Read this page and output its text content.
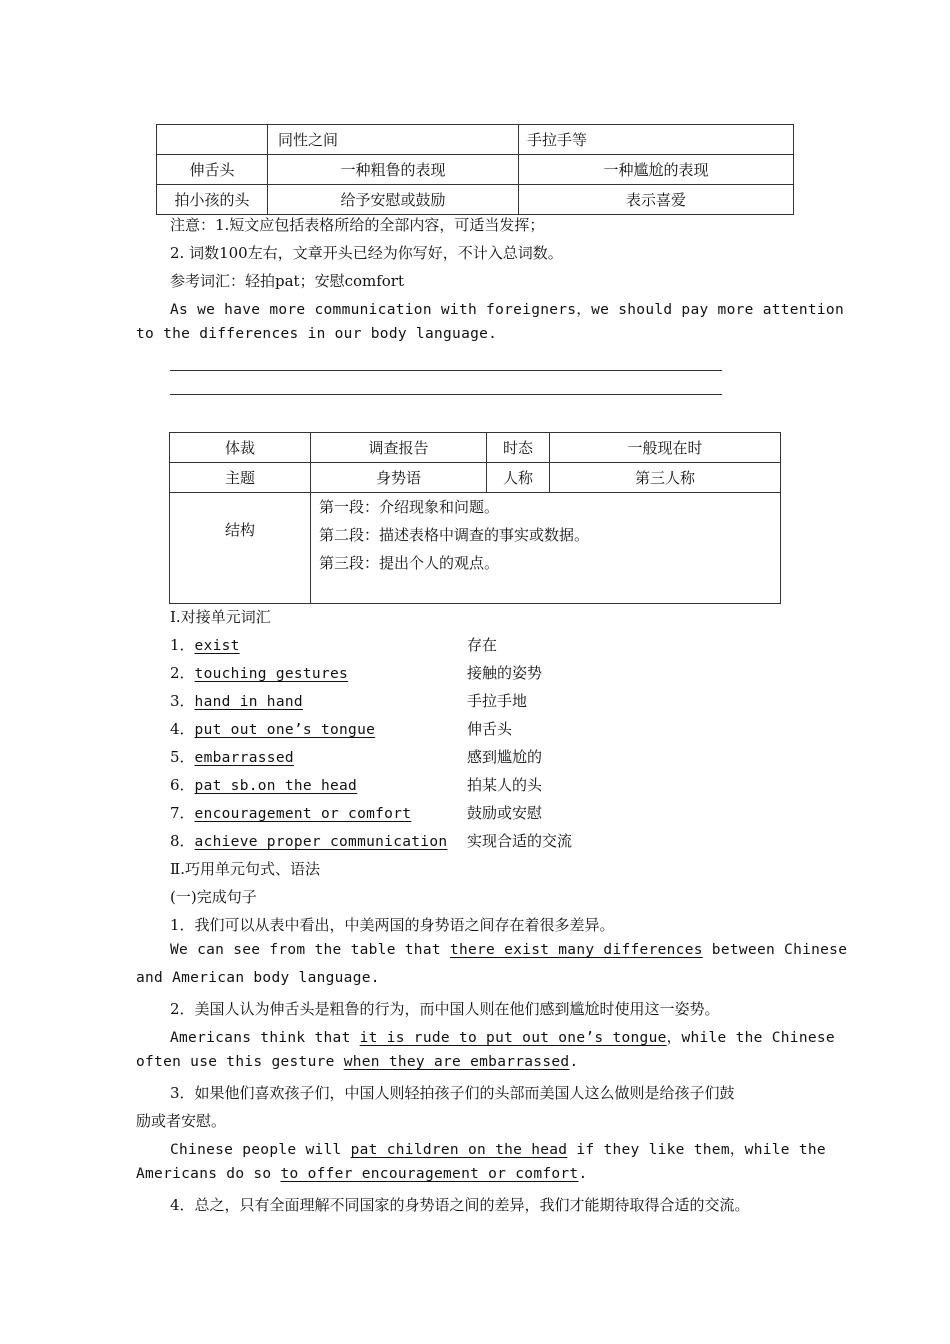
	同性之间	手拉手等
伸舌头	一种粗鲁的表现	一种尴尬的表现
拍小孩的头	给予安慰或鼓励	表示喜爱
注意：1.短文应包括表格所给的全部内容，可适当发挥；
2. 词数100左右，文章开头已经为你写好，不计入总词数。
参考词汇：轻拍pat；安慰comfort
As we have more communication with foreigners，we should pay more attention
to the differences in our body language.
体裁	调查报告	时态	一般现在时
主题	身势语	人称	第三人称
结构	第一段：介绍现象和问题。
第二段：描述表格中调查的事实或数据。
第三段：提出个人的观点。		
Ⅰ.对接单元词汇
1．exist	存在
2．touching gestures	接触的姿势
3．hand in hand	手拉手地
4．put out one’s tongue	伸舌头
5．embarrassed	感到尴尬的
6．pat sb.on the head	拍某人的头
7．encouragement or comfort	鼓励或安慰
8．achieve proper communication 实现合适的交流
Ⅱ.巧用单元句式、语法
(一)完成句子
1．我们可以从表中看出，中美两国的身势语之间存在着很多差异。
We can see from the table that there exist many differences between Chinese
and American body language.
2．美国人认为伸舌头是粗鲁的行为，而中国人则在他们感到尴尬时使用这一姿势。
Americans think that it is rude to put out one’s tongue，while the Chinese
often use this gesture when they are embarrassed.
3．如果他们喜欢孩子们，中国人则轻拍孩子们的头部而美国人这么做则是给孩子们鼓
励或者安慰。
Chinese people will pat children on the head if they like them，while the
Americans do so to offer encouragement or comfort.
4．总之，只有全面理解不同国家的身势语之间的差异，我们才能期待取得合适的交流。
